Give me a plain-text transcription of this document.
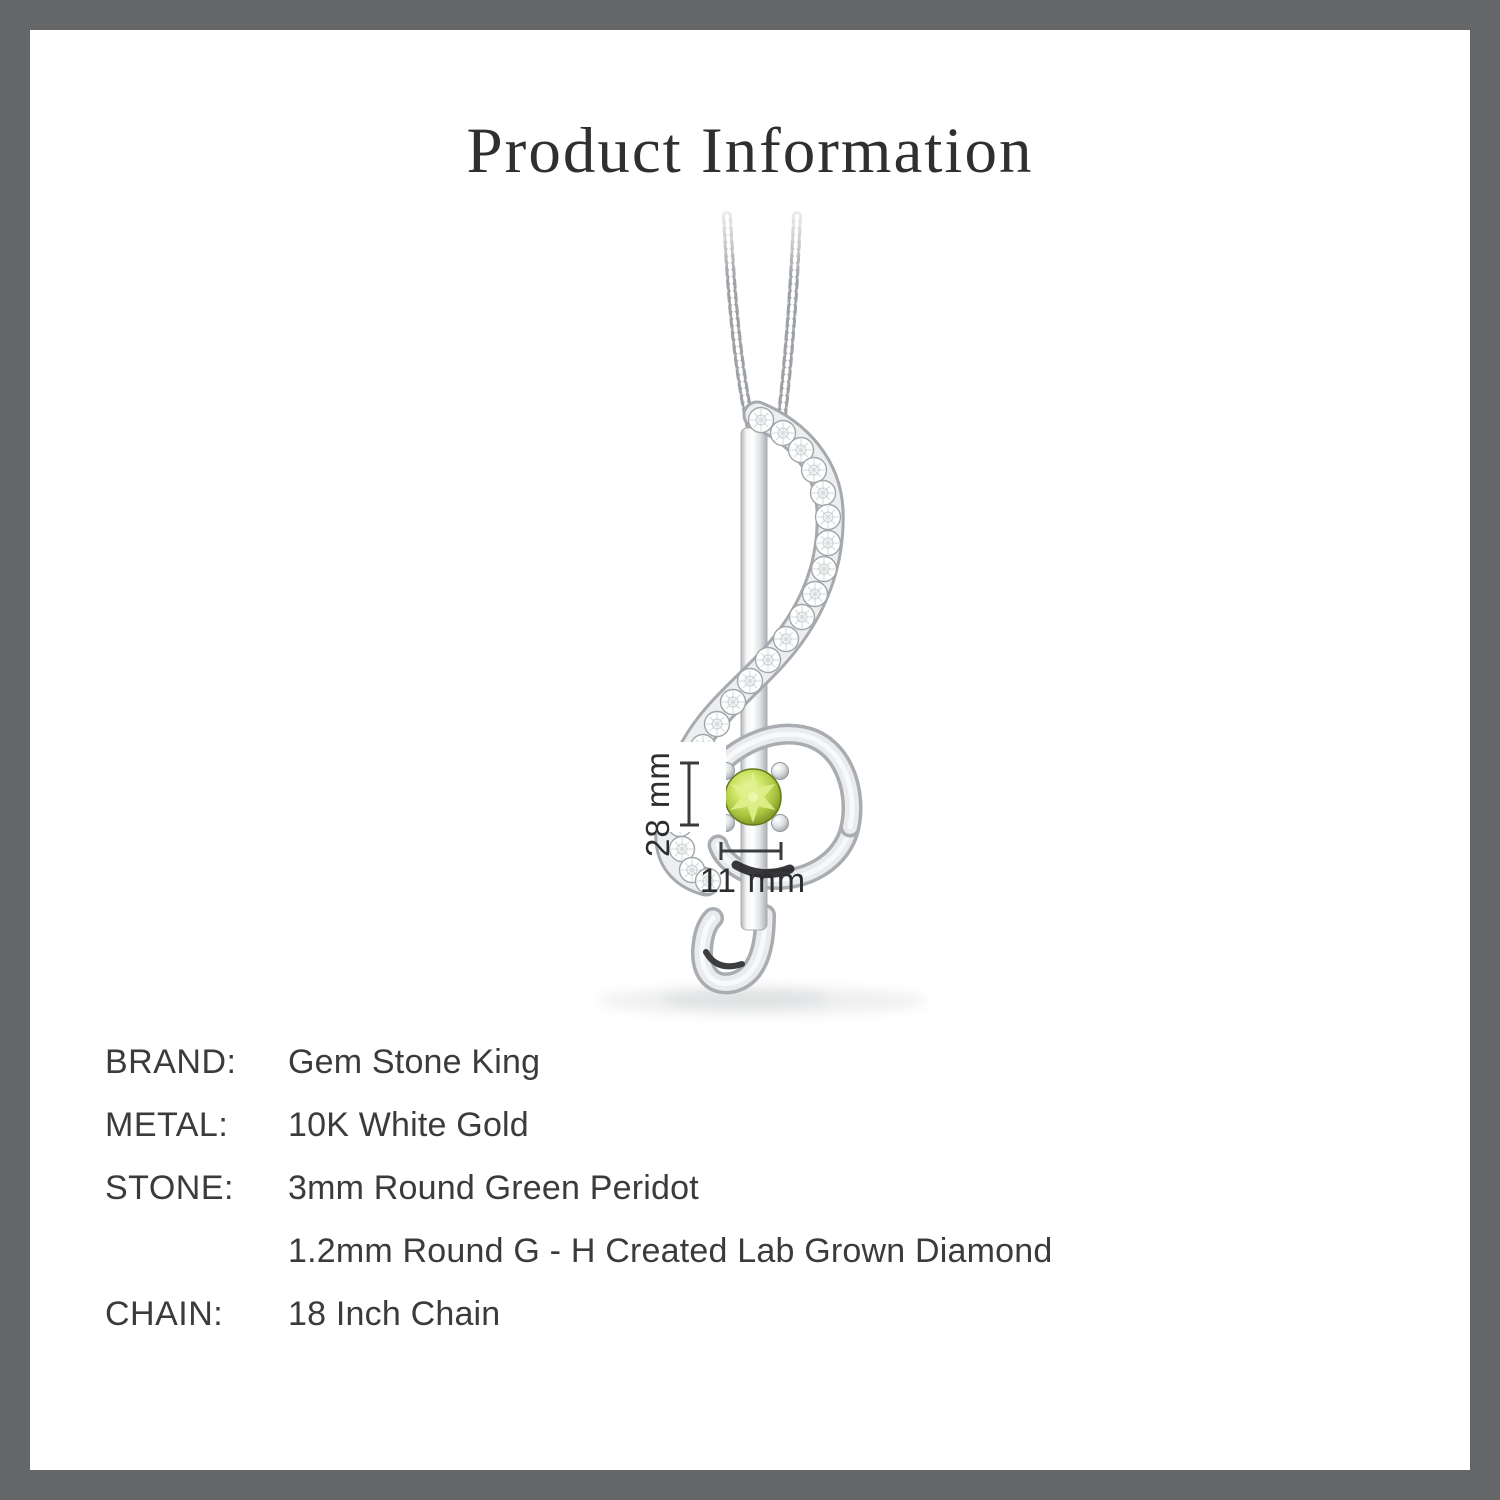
Product Information
28 mm
11 mm
BRAND:	Gem Stone King
METAL:	10K White Gold
STONE:	3mm Round Green Peridot
1.2mm Round G - H Created Lab Grown Diamond
CHAIN:	18 Inch Chain
